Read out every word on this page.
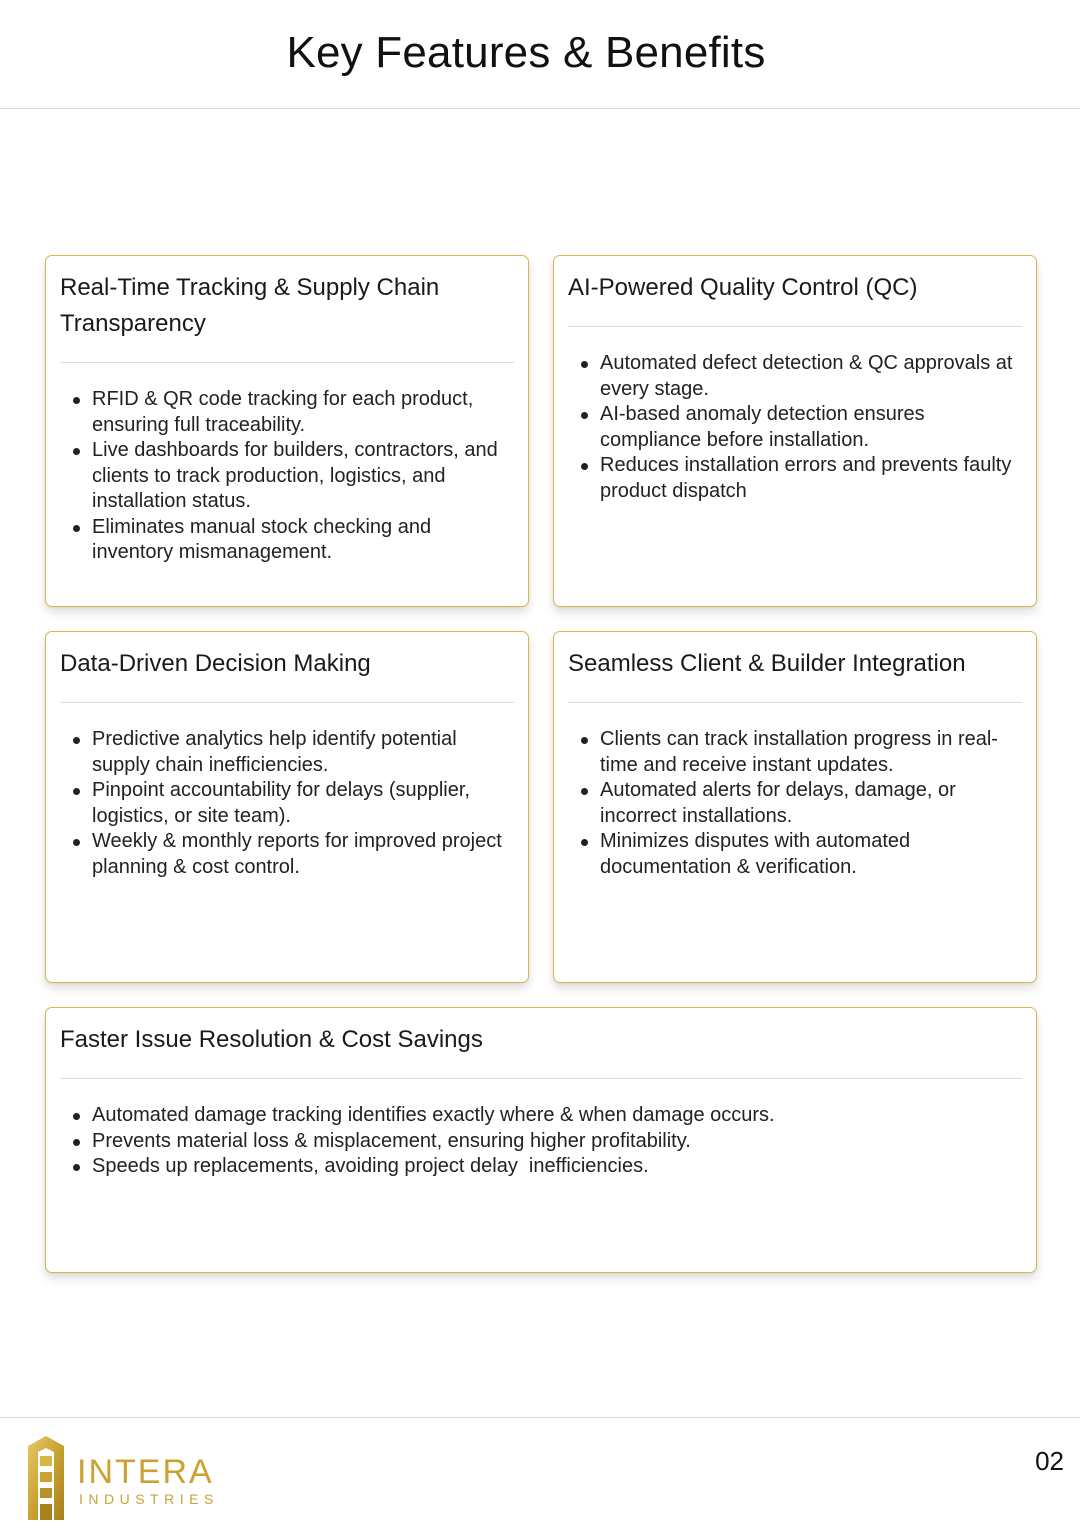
Key Features & Benefits
Real-Time Tracking & Supply Chain Transparency
RFID & QR code tracking for each product, ensuring full traceability.
Live dashboards for builders, contractors, and clients to track production, logistics, and installation status.
Eliminates manual stock checking and inventory mismanagement.
AI-Powered Quality Control (QC)
Automated defect detection & QC approvals at every stage.
AI-based anomaly detection ensures compliance before installation.
Reduces installation errors and prevents faulty product dispatch
Data-Driven Decision Making
Predictive analytics help identify potential supply chain inefficiencies.
Pinpoint accountability for delays (supplier, logistics, or site team).
Weekly & monthly reports for improved project planning & cost control.
Seamless Client & Builder Integration
Clients can track installation progress in real-time and receive instant updates.
Automated alerts for delays, damage, or incorrect installations.
Minimizes disputes with automated documentation & verification.
Faster Issue Resolution & Cost Savings
Automated damage tracking identifies exactly where & when damage occurs.
Prevents material loss & misplacement, ensuring higher profitability.
Speeds up replacements, avoiding project delay  inefficiencies.
INTERA
INDUSTRIES
02
